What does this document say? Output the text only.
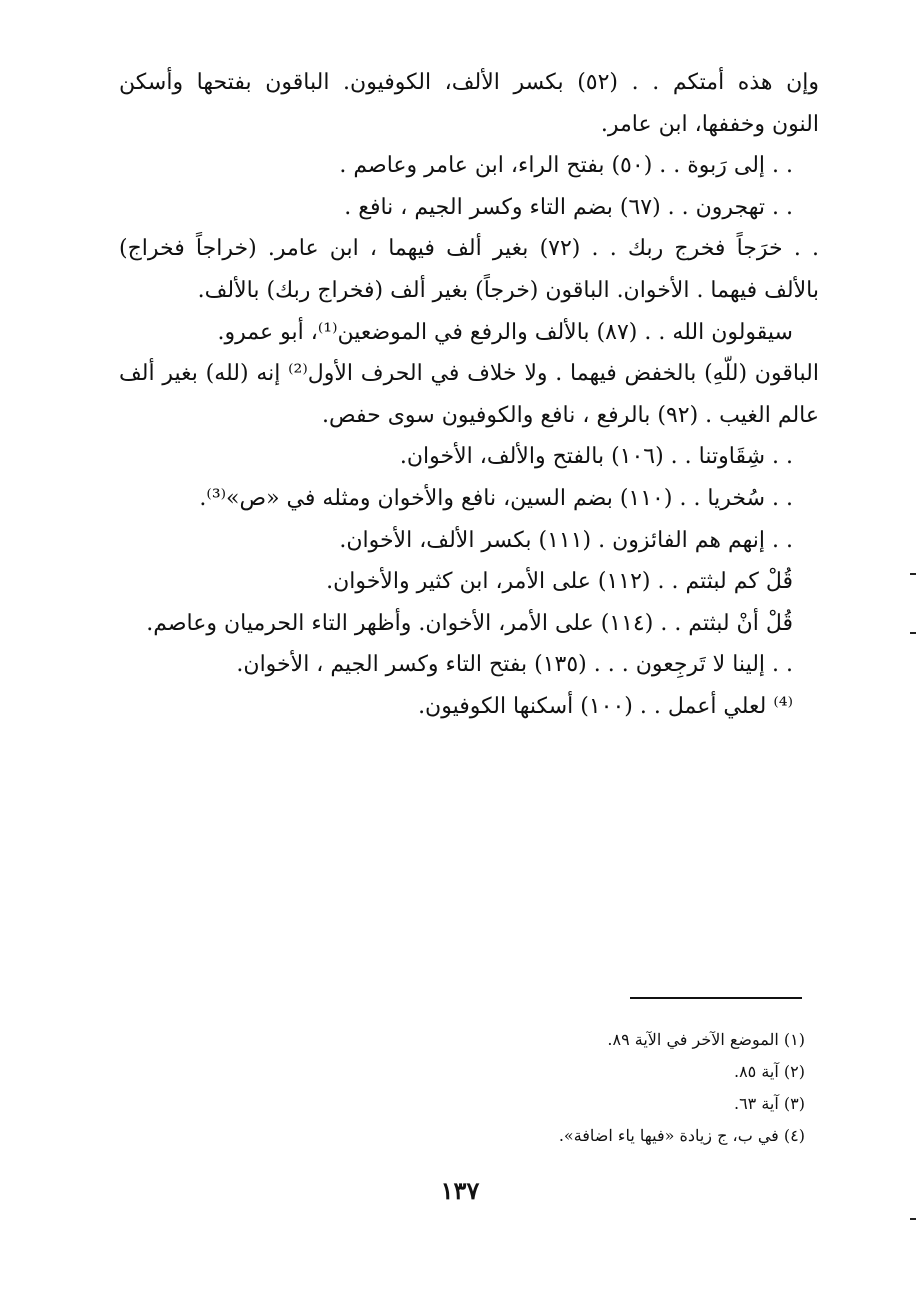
وإن هذه أمتكم . . (٥٢) بكسر الألف، الكوفيون. الباقون بفتحها وأسكن
النون وخففها، ابن عامر.
. . إلى رَبوة . . (٥٠) بفتح الراء، ابن عامر وعاصم .
. . تهجرون . . (٦٧) بضم التاء وكسر الجيم ، نافع .
. . خرَجاً فخرج ربك . . (٧٢) بغير ألف فيهما ، ابن عامر. (خراجاً فخراج)
بالألف فيهما . الأخوان. الباقون (خرجاً) بغير ألف (فخراج ربك) بالألف.
سيقولون الله . . (٨٧) بالألف والرفع في الموضعين⁽¹⁾، أبو عمرو.
الباقون (للّهِ) بالخفض فيهما . ولا خلاف في الحرف الأول⁽²⁾ إنه (لله) بغير ألف
عالم الغيب . (٩٢) بالرفع ، نافع والكوفيون سوى حفص.
. . شِقَاوتنا . . (١٠٦) بالفتح والألف، الأخوان.
. . سُخريا . . (١١٠) بضم السين، نافع والأخوان ومثله في «ص»⁽³⁾.
. . إنهم هم الفائزون . (١١١) بكسر الألف، الأخوان.
قُلْ كم لبثتم . . (١١٢) على الأمر، ابن كثير والأخوان.
قُلْ أنْ لبثتم . . (١١٤) على الأمر، الأخوان. وأظهر التاء الحرميان وعاصم.
. . إلينا لا تَرجِعون . . . (١٣٥) بفتح التاء وكسر الجيم ، الأخوان.
⁽⁴⁾ لعلي أعمل . . (١٠٠) أسكنها الكوفيون.
(١) الموضع الآخر في الآية ٨٩.
(٢) آية ٨٥.
(٣) آية ٦٣.
(٤) في ب، ج زيادة «فيها ياء اضافة».
١٣٧
